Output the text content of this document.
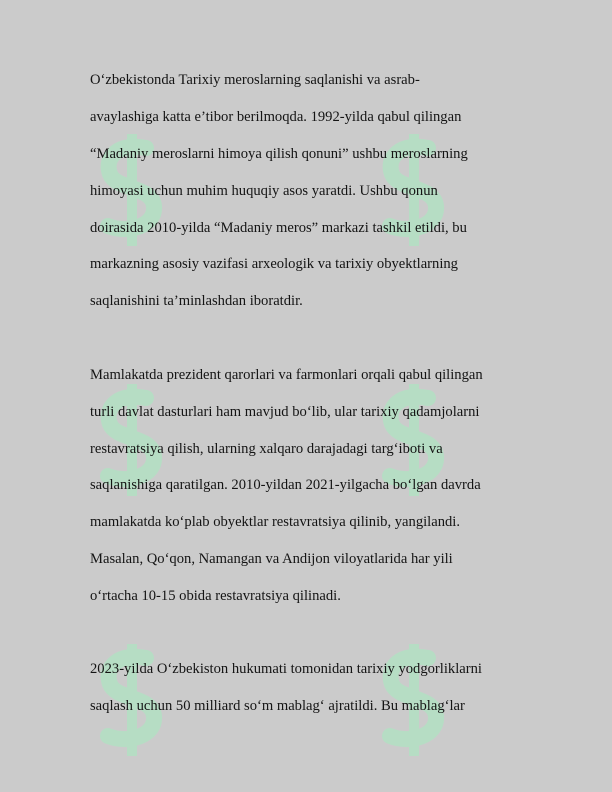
O‘zbekistonda Tarixiy meroslarning saqlanishi va asrab-
avaylashiga katta e’tibor berilmoqda. 1992-yilda qabul qilingan
“Madaniy meroslarni himoya qilish qonuni” ushbu meroslarning
himoyasi uchun muhim huquqiy asos yaratdi. Ushbu qonun
doirasida 2010-yilda “Madaniy meros” markazi tashkil etildi, bu
markazning asosiy vazifasi arxeologik va tarixiy obyektlarning
saqlanishini ta’minlashdan iboratdir.

Mamlakatda prezident qarorlari va farmonlari orqali qabul qilingan
turli davlat dasturlari ham mavjud bo‘lib, ular tarixiy qadamjolarni
restavratsiya qilish, ularning xalqaro darajadagi targ‘iboti va
saqlanishiga qaratilgan. 2010-yildan 2021-yilgacha bo‘lgan davrda
mamlakatda ko‘plab obyektlar restavratsiya qilinib, yangilandi.
Masalan, Qo‘qon, Namangan va Andijon viloyatlarida har yili
o‘rtacha 10-15 obida restavratsiya qilinadi.

2023-yilda O‘zbekiston hukumati tomonidan tarixiy yodgorliklarni
saqlash uchun 50 milliard so‘m mablag‘ ajratildi. Bu mablag‘lar
